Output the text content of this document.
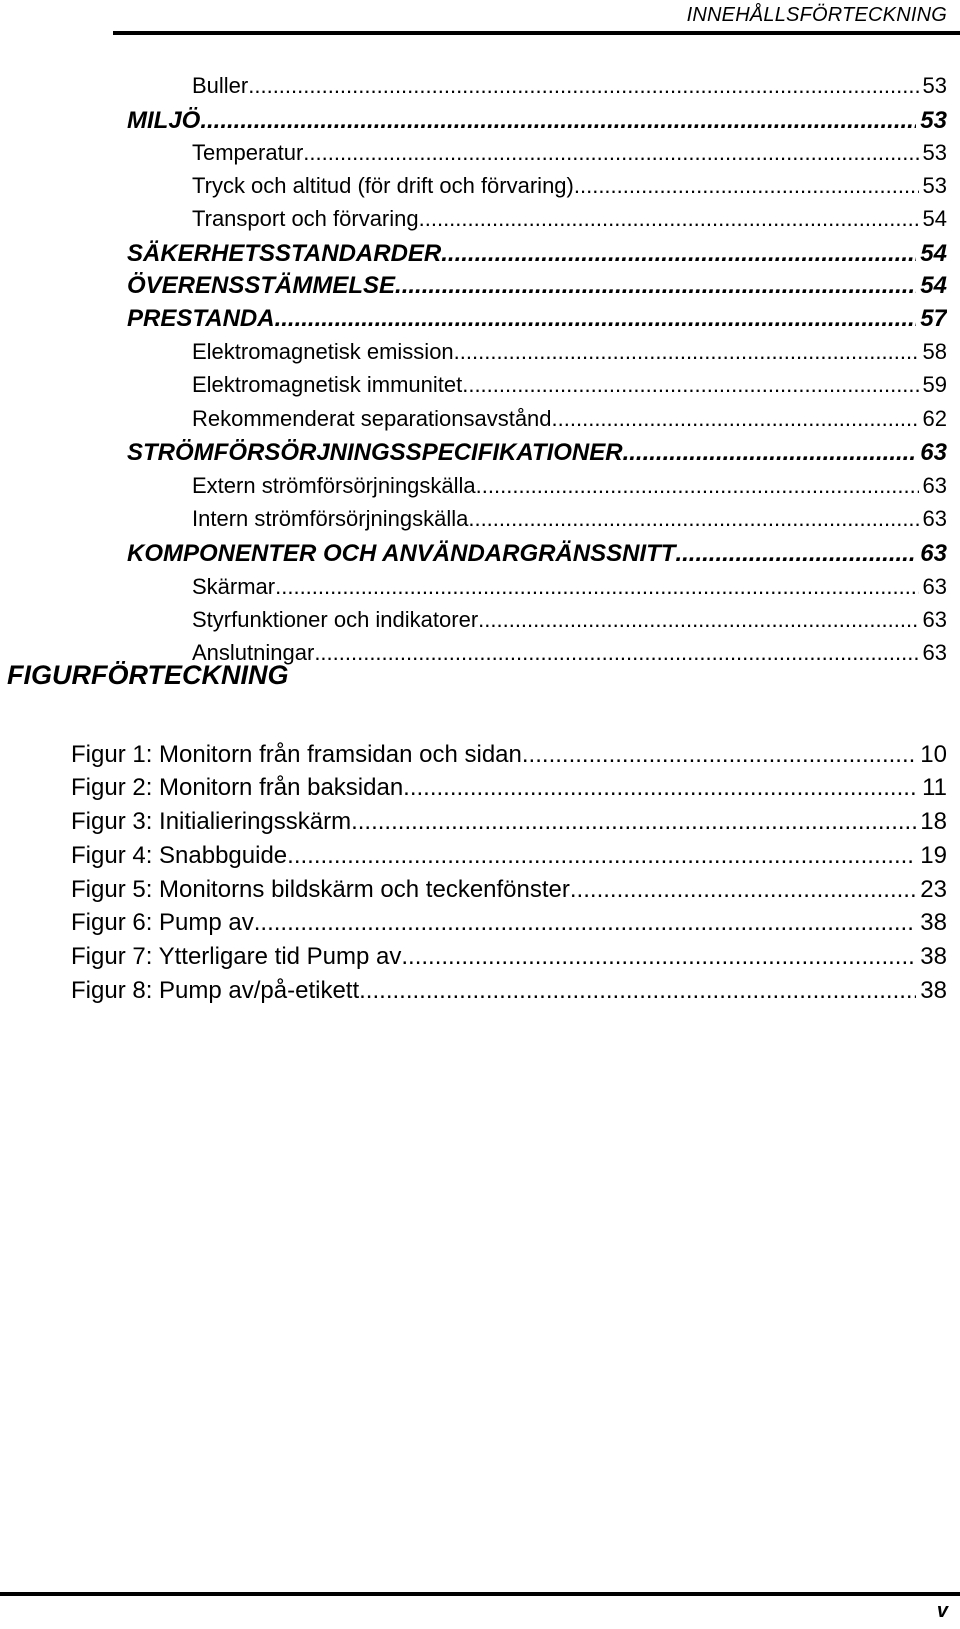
INNEHÅLLSFÖRTECKNING
FIGURFÖRTECKNING
v
Buller .....	53
MILJÖ .....	53
Temperatur .....	53
Tryck och altitud (för drift och förvaring) .....	53
Transport och förvaring .....	54
SÄKERHETSSTANDARDER .....	54
ÖVERENSSTÄMMELSE .....	54
PRESTANDA .....	57
Elektromagnetisk emission .....	58
Elektromagnetisk immunitet .....	59
Rekommenderat separationsavstånd .....	62
STRÖMFÖRSÖRJNINGSSPECIFIKATIONER .....	63
Extern strömförsörjningskälla .....	63
Intern strömförsörjningskälla .....	63
KOMPONENTER OCH ANVÄNDARGRÄNSSNITT .....	63
Skärmar .....	63
Styrfunktioner och indikatorer .....	63
Anslutningar .....	63
Figur 1: Monitorn från framsidan och sidan .....	10
Figur 2: Monitorn från baksidan .....	11
Figur 3: Initialieringsskärm .....	18
Figur 4: Snabbguide .....	19
Figur 5: Monitorns bildskärm och teckenfönster .....	23
Figur 6: Pump av .....	38
Figur 7: Ytterligare tid Pump av .....	38
Figur 8: Pump av/på-etikett .....	38
